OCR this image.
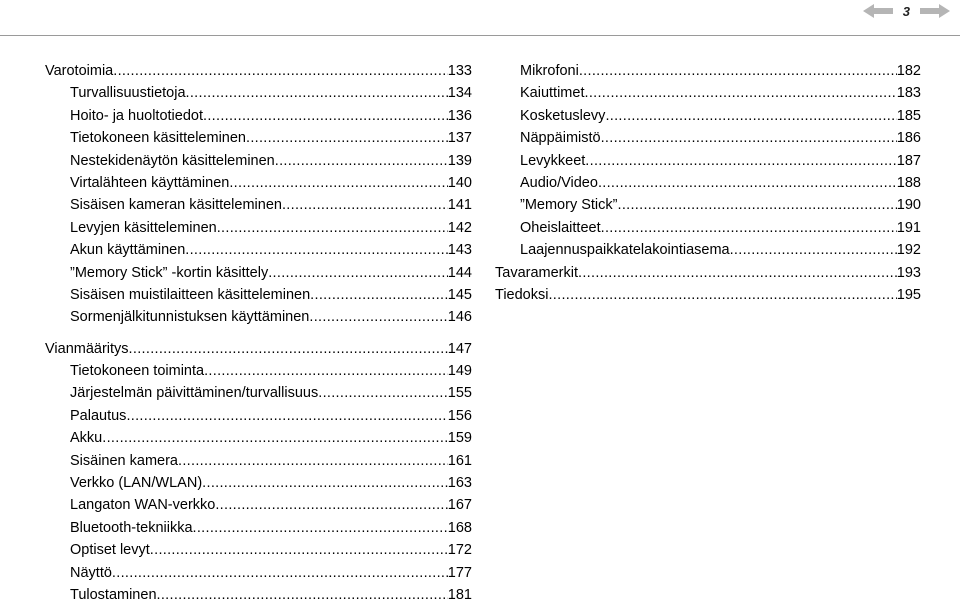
3
Varotoimia .....	133
Turvallisuustietoja .....	134
Hoito- ja huoltotiedot .....	136
Tietokoneen käsitteleminen .....	137
Nestekidenäytön käsitteleminen .....	139
Virtalähteen käyttäminen .....	140
Sisäisen kameran käsitteleminen .....	141
Levyjen käsitteleminen .....	142
Akun käyttäminen .....	143
”Memory Stick” -kortin käsittely .....	144
Sisäisen muistilaitteen käsitteleminen .....	145
Sormenjälkitunnistuksen käyttäminen .....	146
Vianmääritys .....	147
Tietokoneen toiminta .....	149
Järjestelmän päivittäminen/turvallisuus .....	155
Palautus .....	156
Akku .....	159
Sisäinen kamera .....	161
Verkko (LAN/WLAN) .....	163
Langaton WAN-verkko .....	167
Bluetooth-tekniikka .....	168
Optiset levyt .....	172
Näyttö .....	177
Tulostaminen .....	181
Mikrofoni .....	182
Kaiuttimet .....	183
Kosketuslevy .....	185
Näppäimistö .....	186
Levykkeet .....	187
Audio/Video .....	188
”Memory Stick” .....	190
Oheislaitteet .....	191
Laajennuspaikkatelakointiasema .....	192
Tavaramerkit .....	193
Tiedoksi .....	195
